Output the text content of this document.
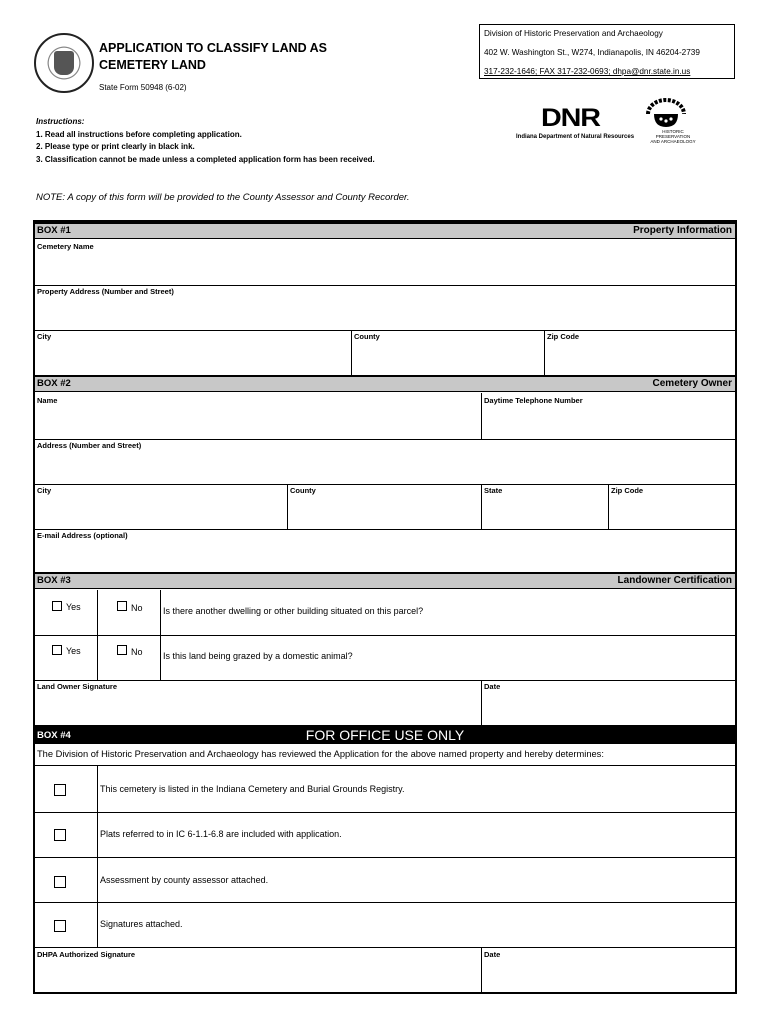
APPLICATION TO CLASSIFY LAND AS
CEMETERY LAND
State Form 50948 (6-02)
Division of Historic Preservation and Archaeology
402 W. Washington St., W274, Indianapolis, IN 46204-2739
317-232-1646; FAX 317-232-0693; dhpa@dnr.state.in.us
DNR
Indiana Department of Natural Resources
HISTORIC PRESERVATION
AND ARCHAEOLOGY
Instructions:
1. Read all instructions before completing application.
2. Please type or print clearly in black ink.
3. Classification cannot be made unless a completed application form has been received.
NOTE: A copy of this form will be provided to the County Assessor and County Recorder.
BOX #1	Property Information
Cemetery Name
Property Address (Number and Street)
City	County	Zip Code
BOX #2	Cemetery Owner
Name	Daytime Telephone Number
Address (Number and Street)
City	County	State	Zip Code
E-mail Address (optional)
BOX #3	Landowner Certification
Yes	No Is there another dwelling or other building situated on this parcel?
Yes	No Is this land being grazed by a domestic animal?
Land Owner Signature	Date
BOX #4	FOR OFFICE USE ONLY
The Division of Historic Preservation and Archaeology has reviewed the Application for the above named property and hereby determines:
This cemetery is listed in the Indiana Cemetery and Burial Grounds Registry.
Plats referred to in IC 6-1.1-6.8 are included with application.
Assessment by county assessor attached.
Signatures attached.
DHPA Authorized Signature	Date
